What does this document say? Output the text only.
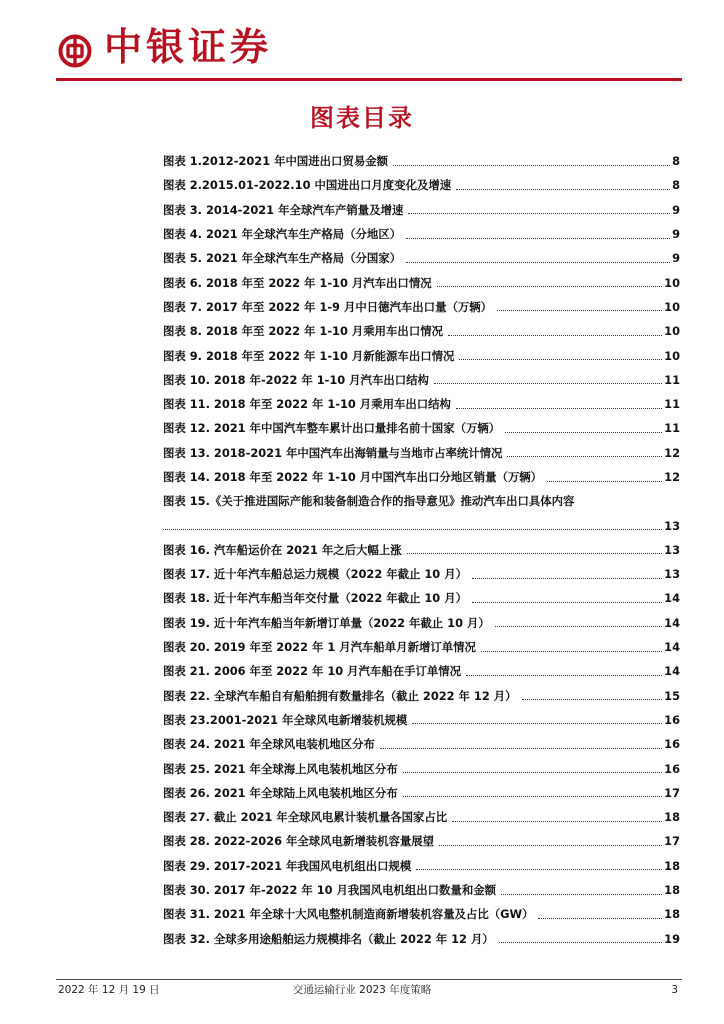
中银证券
图表目录
图表 1.2012-2021 年中国进出口贸易金额	8
图表 2.2015.01-2022.10 中国进出口月度变化及增速	8
图表 3. 2014-2021 年全球汽车产销量及增速	9
图表 4. 2021 年全球汽车生产格局（分地区）	9
图表 5. 2021 年全球汽车生产格局（分国家）	9
图表 6. 2018 年至 2022 年 1-10 月汽车出口情况	10
图表 7. 2017 年至 2022 年 1-9 月中日德汽车出口量（万辆）	10
图表 8. 2018 年至 2022 年 1-10 月乘用车出口情况	10
图表 9. 2018 年至 2022 年 1-10 月新能源车出口情况	10
图表 10. 2018 年-2022 年 1-10 月汽车出口结构	11
图表 11. 2018 年至 2022 年 1-10 月乘用车出口结构	11
图表 12. 2021 年中国汽车整车累计出口量排名前十国家（万辆）	11
图表 13. 2018-2021 年中国汽车出海销量与当地市占率统计情况	12
图表 14. 2018 年至 2022 年 1-10 月中国汽车出口分地区销量（万辆）	12
图表 15.《关于推进国际产能和装备制造合作的指导意见》推动汽车出口具体内容
13
图表 16. 汽车船运价在 2021 年之后大幅上涨	13
图表 17. 近十年汽车船总运力规模（2022 年截止 10 月）	13
图表 18. 近十年汽车船当年交付量（2022 年截止 10 月）	14
图表 19. 近十年汽车船当年新增订单量（2022 年截止 10 月）	14
图表 20. 2019 年至 2022 年 1 月汽车船单月新增订单情况	14
图表 21. 2006 年至 2022 年 10 月汽车船在手订单情况	14
图表 22. 全球汽车船自有船舶拥有数量排名（截止 2022 年 12 月）	15
图表 23.2001-2021 年全球风电新增装机规模	16
图表 24. 2021 年全球风电装机地区分布	16
图表 25. 2021 年全球海上风电装机地区分布	16
图表 26. 2021 年全球陆上风电装机地区分布	17
图表 27. 截止 2021 年全球风电累计装机量各国家占比	18
图表 28. 2022-2026 年全球风电新增装机容量展望	17
图表 29. 2017-2021 年我国风电机组出口规模	18
图表 30. 2017 年-2022 年 10 月我国风电机组出口数量和金额	18
图表 31. 2021 年全球十大风电整机制造商新增装机容量及占比（GW）	18
图表 32. 全球多用途船舶运力规模排名（截止 2022 年 12 月）	19
2022 年 12 月 19 日	交通运输行业 2023 年度策略	3
